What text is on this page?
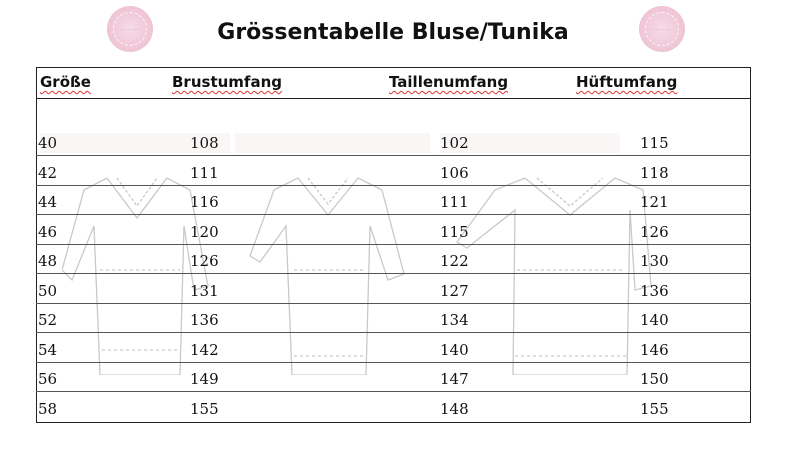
· · · · · ·	· · · · · ·
Grössentabelle Bluse/Tunika
Größe	Brustumfang	Taillenumfang	Hüftumfang
40	108	102	115
42	111	106	118
44	116	111	121
46	120	115	126
48	126	122	130
50	131	127	136
52	136	134	140
54	142	140	146
56	149	147	150
58	155	148	155
